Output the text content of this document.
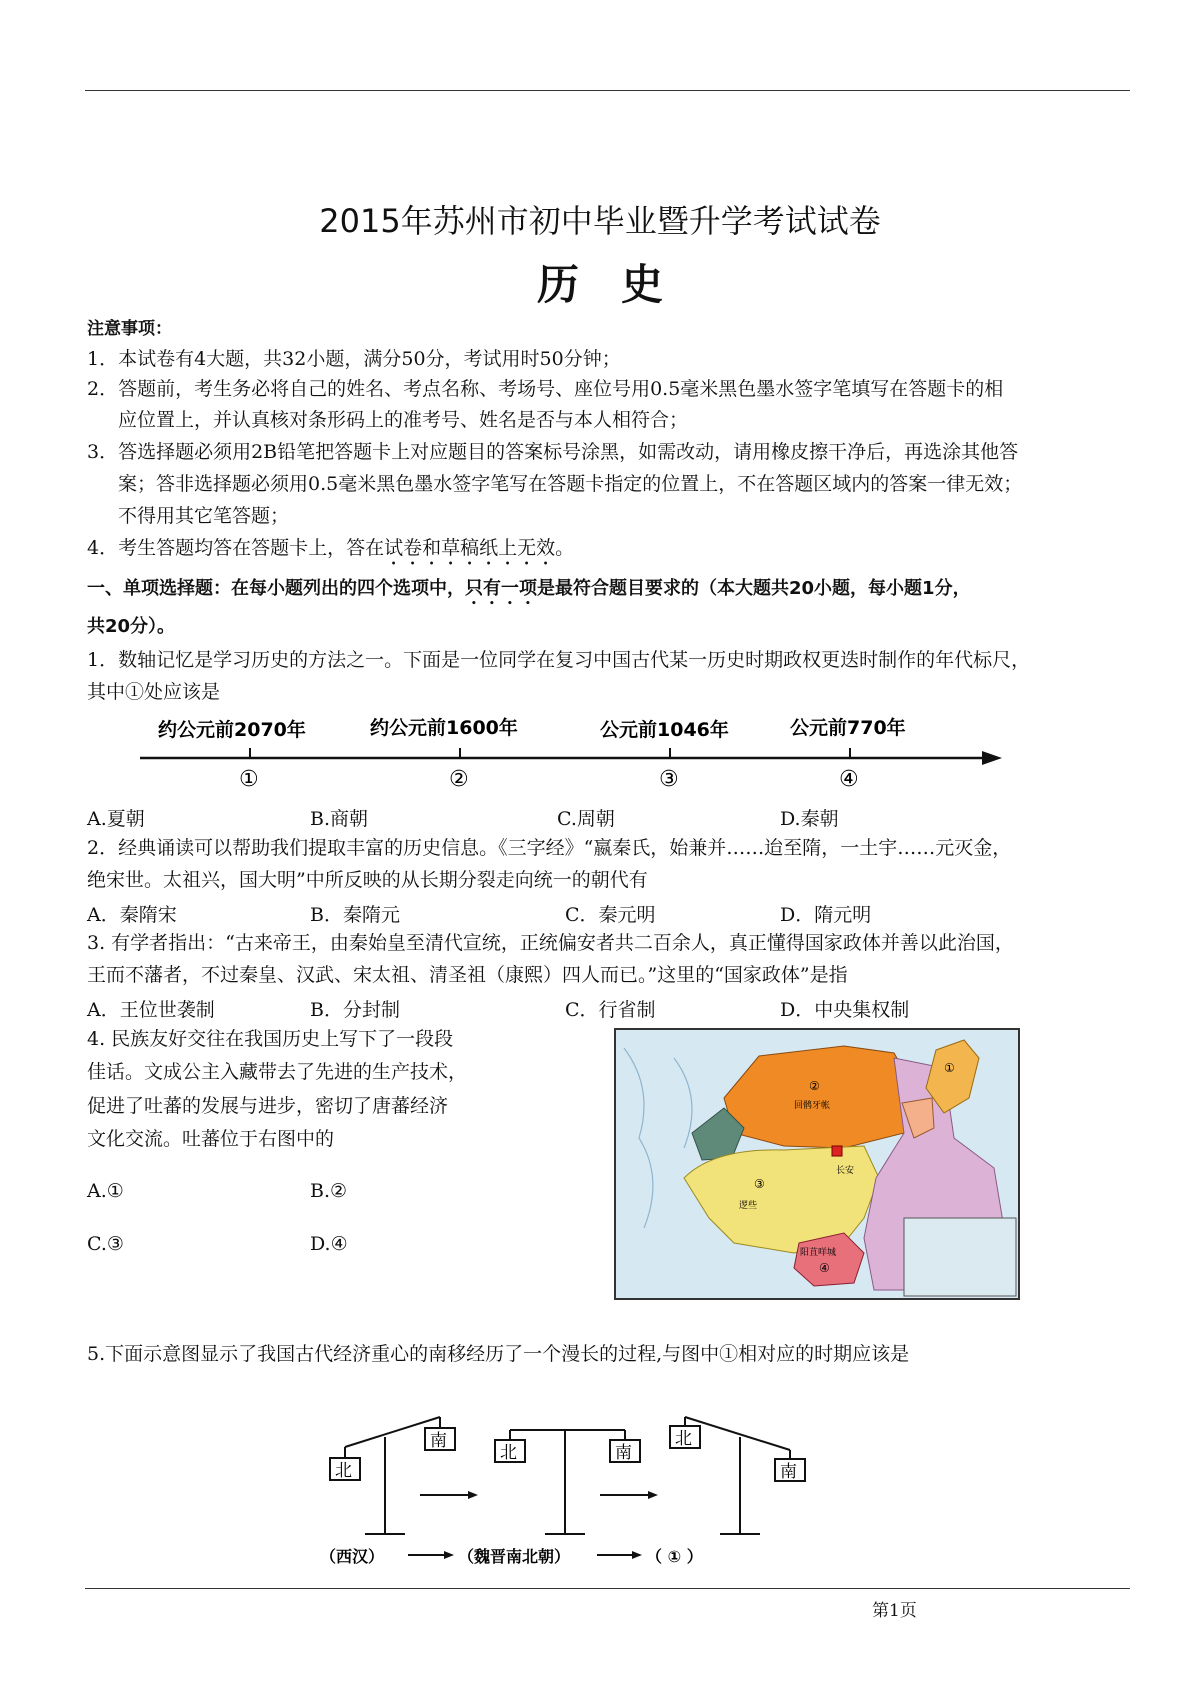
2015年苏州市初中毕业暨升学考试试卷
历　史
注意事项：
1．本试卷有4大题，共32小题，满分50分，考试用时50分钟；
2．答题前，考生务必将自己的姓名、考点名称、考场号、座位号用0.5毫米黑色墨水签字笔填写在答题卡的相
应位置上，并认真核对条形码上的准考号、姓名是否与本人相符合；
3．答选择题必须用2B铅笔把答题卡上对应题目的答案标号涂黑，如需改动，请用橡皮擦干净后，再选涂其他答
案；答非选择题必须用0.5毫米黑色墨水签字笔写在答题卡指定的位置上，不在答题区域内的答案一律无效；
不得用其它笔答题；
4．考生答题均答在答题卡上，答在试卷和草稿纸上无效。
一、单项选择题：在每小题列出的四个选项中，只有一项是最符合题目要求的（本大题共20小题，每小题1分，
共20分）。
1．数轴记忆是学习历史的方法之一。下面是一位同学在复习中国古代某一历史时期政权更迭时制作的年代标尺，
其中①处应该是
约公元前2070年	约公元前1600年	公元前1046年	公元前770年
①	②	③	④
A.夏朝	B.商朝	C.周朝	D.秦朝
2．经典诵读可以帮助我们提取丰富的历史信息。《三字经》“嬴秦氏，始兼并……迨至隋，一土宇……元灭金，
绝宋世。太祖兴，国大明”中所反映的从长期分裂走向统一的朝代有
A．秦隋宋	B．秦隋元	C．秦元明	D．隋元明
3. 有学者指出：“古来帝王，由秦始皇至清代宣统，正统偏安者共二百余人，真正懂得国家政体并善以此治国，
王而不藩者，不过秦皇、汉武、宋太祖、清圣祖（康熙）四人而已。”这里的“国家政体”是指
A．王位世袭制	B．分封制	C．行省制	D．中央集权制
4. 民族友好交往在我国历史上写下了一段段
佳话。文成公主入藏带去了先进的生产技术，
促进了吐蕃的发展与进步，密切了唐蕃经济
文化交流。吐蕃位于右图中的
A.①	B.②
C.③	D.④
①
②
③
④
回鹘牙帐
长安
逻些
阳苴咩城
5.下面示意图显示了我国古代经济重心的南移经历了一个漫长的过程,与图中①相对应的时期应该是
北
南
北	南
北
南
（西汉）	（魏晋南北朝）	（ ① ）
第1页
